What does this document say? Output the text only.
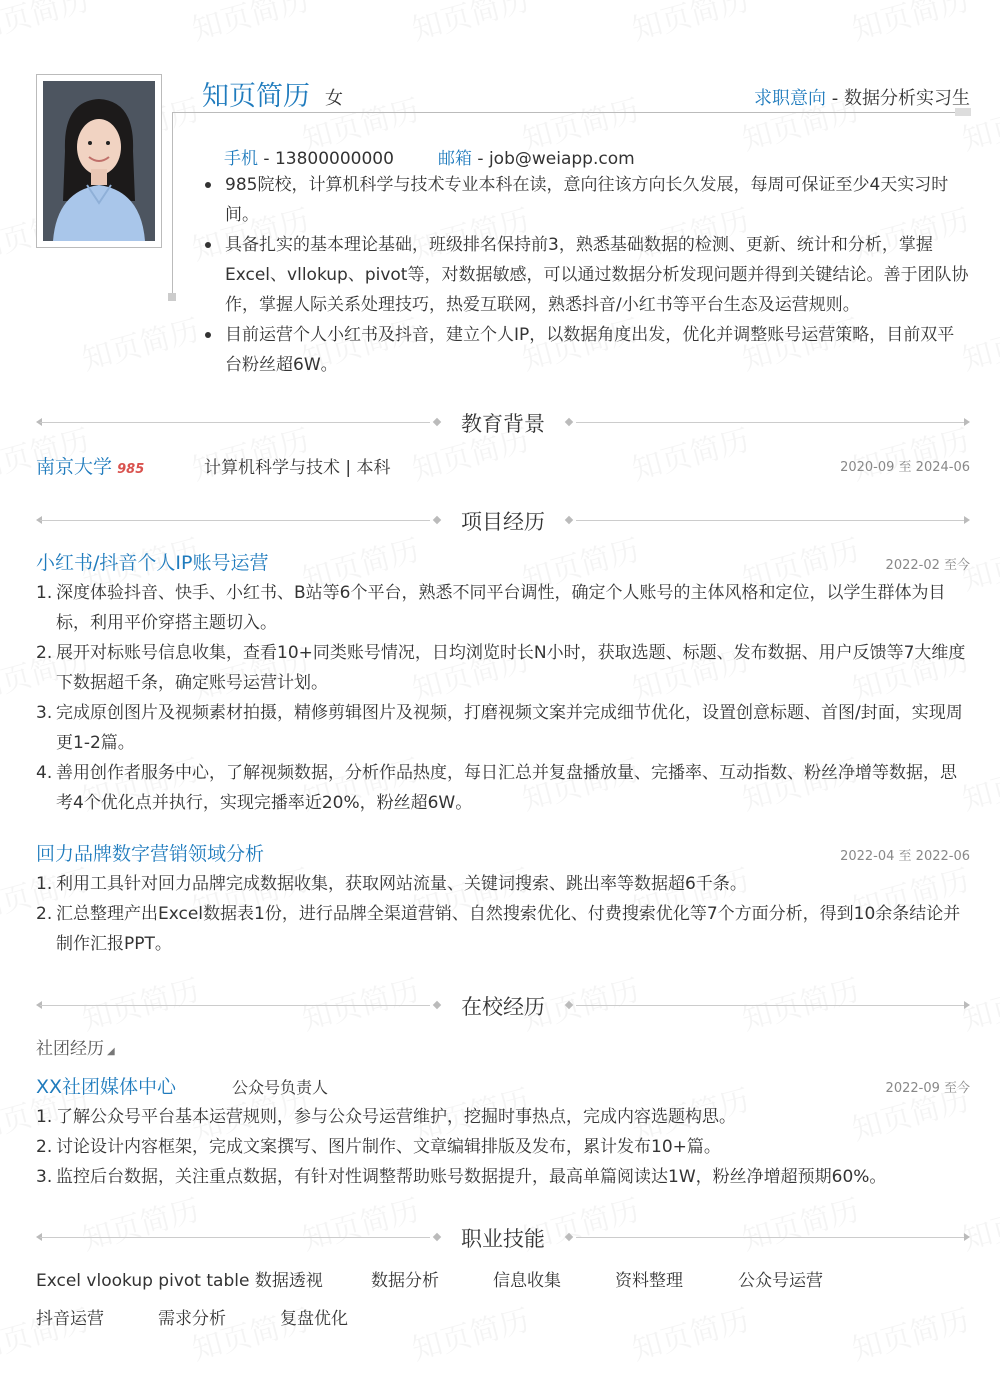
知页简历 女	求职意向 - 数据分析实习生
手机 - 13800000000	邮箱 - job@weiapp.com
985院校，计算机科学与技术专业本科在读，意向往该方向长久发展，每周可保证至少4天实习时间。
具备扎实的基本理论基础，班级排名保持前3，熟悉基础数据的检测、更新、统计和分析，掌握Excel、vllokup、pivot等，对数据敏感，可以通过数据分析发现问题并得到关键结论。善于团队协作，掌握人际关系处理技巧，热爱互联网，熟悉抖音/小红书等平台生态及运营规则。
目前运营个人小红书及抖音，建立个人IP，以数据角度出发，优化并调整账号运营策略，目前双平台粉丝超6W。
教育背景
南京大学 985	计算机科学与技术 | 本科	2020-09 至 2024-06
项目经历
小红书/抖音个人IP账号运营	2022-02 至今
1. 深度体验抖音、快手、小红书、B站等6个平台，熟悉不同平台调性，确定个人账号的主体风格和定位，以学生群体为目标，利用平价穿搭主题切入。
2. 展开对标账号信息收集，查看10+同类账号情况，日均浏览时长N小时，获取选题、标题、发布数据、用户反馈等7大维度下数据超千条，确定账号运营计划。
3. 完成原创图片及视频素材拍摄，精修剪辑图片及视频，打磨视频文案并完成细节优化，设置创意标题、首图/封面，实现周更1-2篇。
4. 善用创作者服务中心，了解视频数据，分析作品热度，每日汇总并复盘播放量、完播率、互动指数、粉丝净增等数据，思考4个优化点并执行，实现完播率近20%，粉丝超6W。
回力品牌数字营销领域分析	2022-04 至 2022-06
1. 利用工具针对回力品牌完成数据收集，获取网站流量、关键词搜索、跳出率等数据超6千条。
2. 汇总整理产出Excel数据表1份，进行品牌全渠道营销、自然搜索优化、付费搜索优化等7个方面分析，得到10余条结论并制作汇报PPT。
在校经历
社团经历 ◢
XX社团媒体中心	公众号负责人	2022-09 至今
1. 了解公众号平台基本运营规则，参与公众号运营维护，挖掘时事热点，完成内容选题构思。
2. 讨论设计内容框架，完成文案撰写、图片制作、文章编辑排版及发布，累计发布10+篇。
3. 监控后台数据，关注重点数据，有针对性调整帮助账号数据提升，最高单篇阅读达1W，粉丝净增超预期60%。
职业技能
Excel vlookup pivot table 数据透视	数据分析	信息收集	资料整理	公众号运营
抖音运营	需求分析	复盘优化
